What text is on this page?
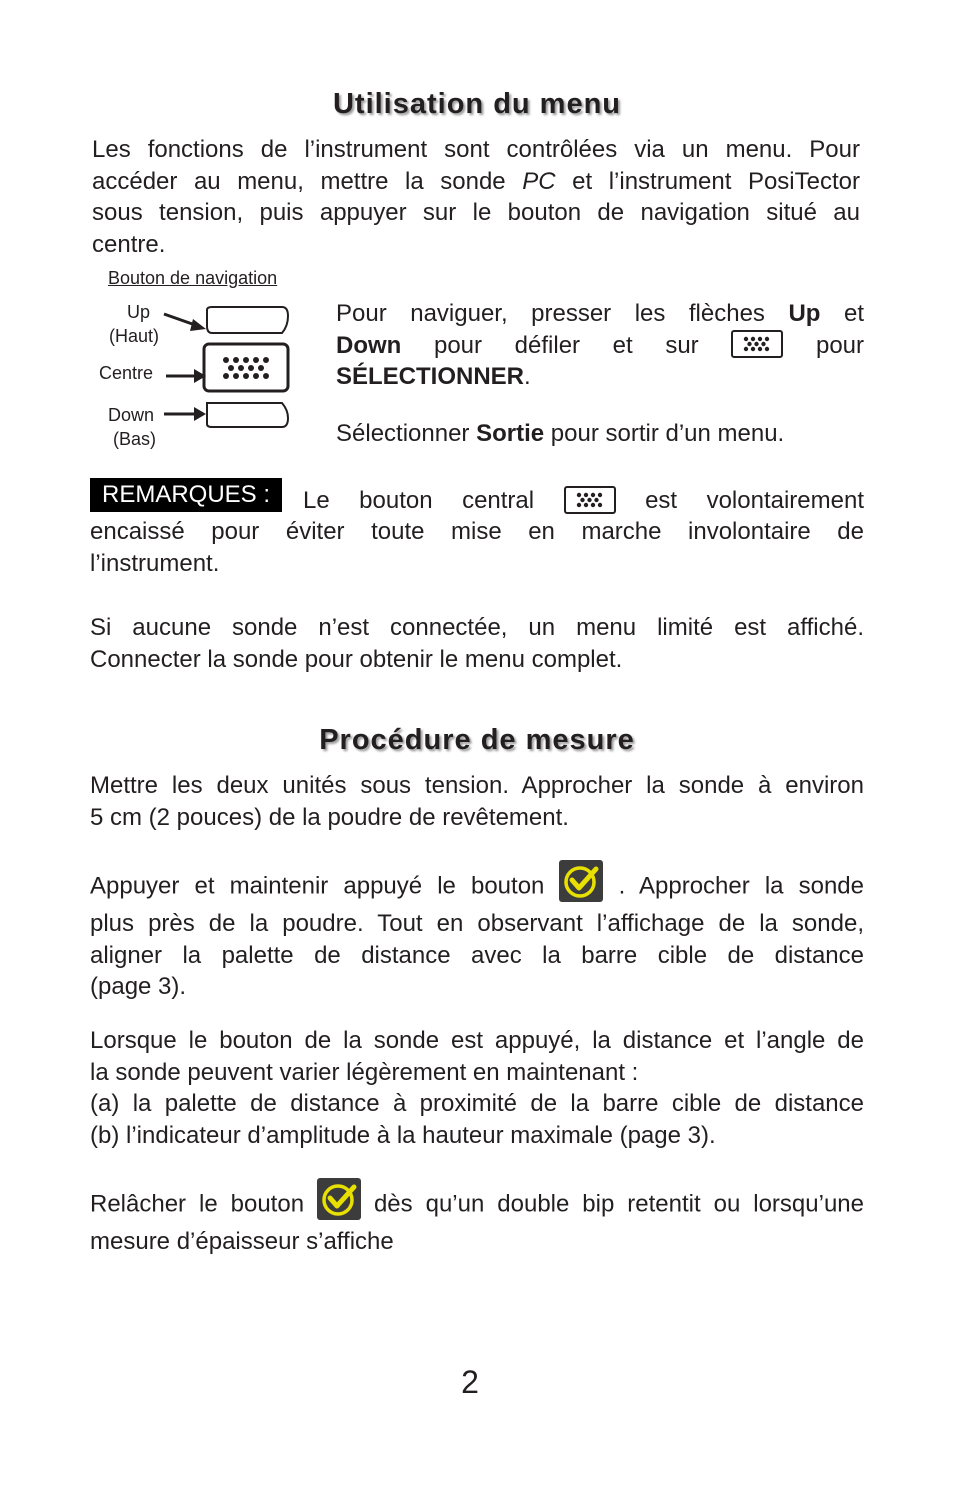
Utilisation du menu
Les fonctions de l’instrument sont contrôlées via un menu. Pour
accéder au menu, mettre la sonde PC et l’instrument PosiTector
sous tension, puis appuyer sur le bouton de navigation situé au
centre.
Bouton de navigation
Up
(Haut)
Centre
Down
(Bas)
Pour naviguer, presser les flèches Up et
Down pour défiler et sur	pour
SÉLECTIONNER.
Sélectionner Sortie pour sortir d’un menu.
REMARQUES :	Le bouton central	est volontairement
encaissé pour éviter toute mise en marche involontaire de
l’instrument.
Si aucune sonde n’est connectée, un menu limité est affiché.
Connecter la sonde pour obtenir le menu complet.
Procédure de mesure
Mettre les deux unités sous tension. Approcher la sonde à environ
5 cm (2 pouces) de la poudre de revêtement.
Appuyer et maintenir appuyé le bouton	. Approcher la sonde
plus près de la poudre. Tout en observant l’affichage de la sonde,
aligner la palette de distance avec la barre cible de distance
(page 3).
Lorsque le bouton de la sonde est appuyé, la distance et l’angle de
la sonde peuvent varier légèrement en maintenant :
(a) la palette de distance à proximité de la barre cible de distance
(b) l’indicateur d’amplitude à la hauteur maximale (page 3).
Relâcher le bouton	dès qu’un double bip retentit ou lorsqu’une
mesure d’épaisseur s’affiche
2
